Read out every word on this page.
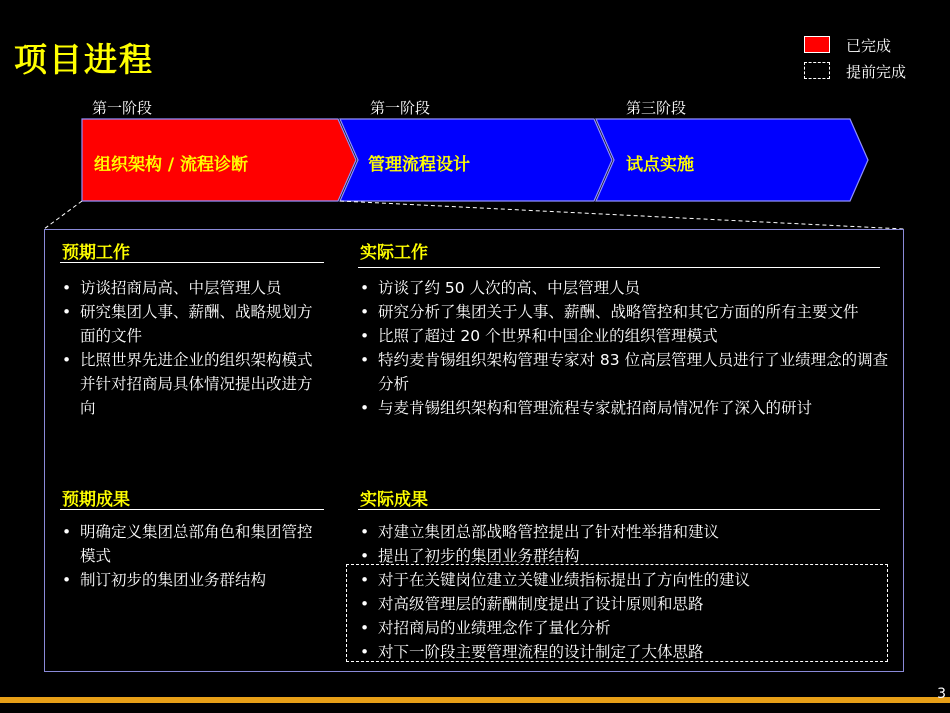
项目进程	已完成
提前完成
第一阶段	第一阶段	第三阶段
组织架构 / 流程诊断	管理流程设计	试点实施
预期工作
• 访谈招商局高、中层管理人员
• 研究集团人事、薪酬、战略规划方面的文件
• 比照世界先进企业的组织架构模式并针对招商局具体情况提出改进方向
实际工作
• 访谈了约 50 人次的高、中层管理人员
• 研究分析了集团关于人事、薪酬、战略管控和其它方面的所有主要文件
• 比照了超过 20 个世界和中国企业的组织管理模式
• 特约麦肯锡组织架构管理专家对 83 位高层管理人员进行了业绩理念的调查分析
• 与麦肯锡组织架构和管理流程专家就招商局情况作了深入的研讨
预期成果
• 明确定义集团总部角色和集团管控模式
• 制订初步的集团业务群结构
实际成果
• 对建立集团总部战略管控提出了针对性举措和建议
• 提出了初步的集团业务群结构
• 对于在关键岗位建立关键业绩指标提出了方向性的建议
• 对高级管理层的薪酬制度提出了设计原则和思路
• 对招商局的业绩理念作了量化分析
• 对下一阶段主要管理流程的设计制定了大体思路
3
